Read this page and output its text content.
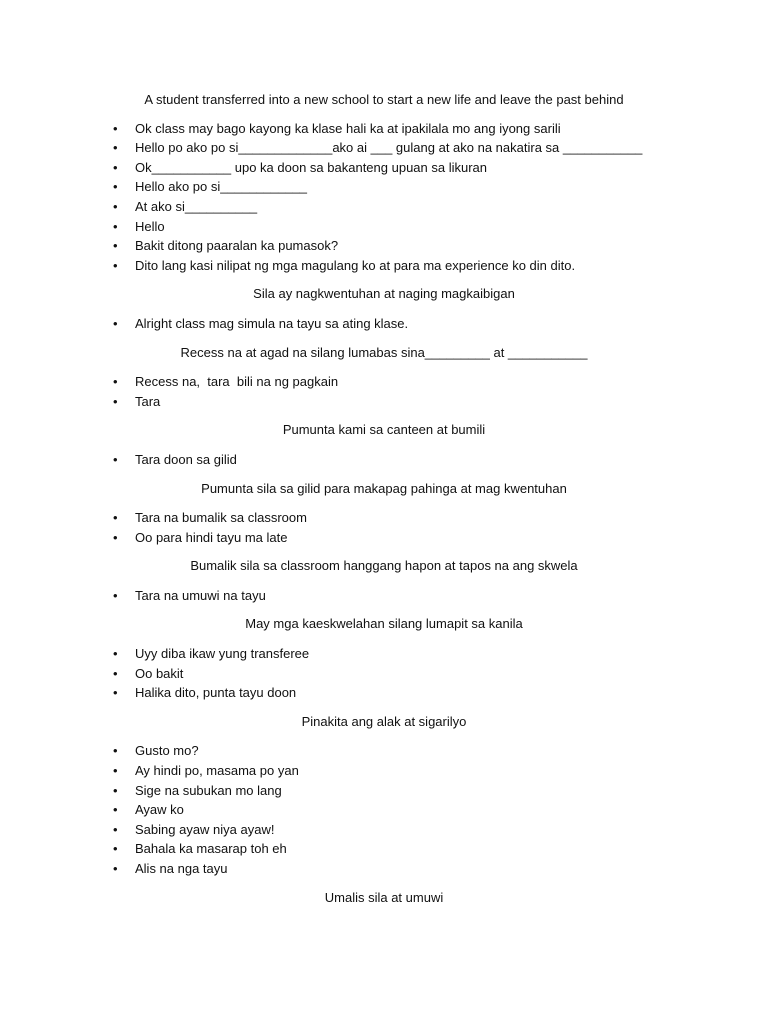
A student transferred into a new school to start a new life and leave the past behind

• Ok class may bago kayong ka klase hali ka at ipakilala mo ang iyong sarili
• Hello po ako po si_____________ako ai ___ gulang at ako na nakatira sa ___________
• Ok___________ upo ka doon sa bakanteng upuan sa likuran
• Hello ako po si____________
• At ako si__________
• Hello
• Bakit ditong paaralan ka pumasok?
• Dito lang kasi nilipat ng mga magulang ko at para ma experience ko din dito.

Sila ay nagkwentuhan at naging magkaibigan

• Alright class mag simula na tayu sa ating klase.

Recess na at agad na silang lumabas sina_________ at ___________

• Recess na,  tara  bili na ng pagkain
• Tara

Pumunta kami sa canteen at bumili

• Tara doon sa gilid

Pumunta sila sa gilid para makapag pahinga at mag kwentuhan

• Tara na bumalik sa classroom
• Oo para hindi tayu ma late

Bumalik sila sa classroom hanggang hapon at tapos na ang skwela

• Tara na umuwi na tayu

May mga kaeskwelahan silang lumapit sa kanila

• Uyy diba ikaw yung transferee
• Oo bakit
• Halika dito, punta tayu doon

Pinakita ang alak at sigarilyo

• Gusto mo?
• Ay hindi po, masama po yan
• Sige na subukan mo lang
• Ayaw ko
• Sabing ayaw niya ayaw!
• Bahala ka masarap toh eh
• Alis na nga tayu

Umalis sila at umuwi
